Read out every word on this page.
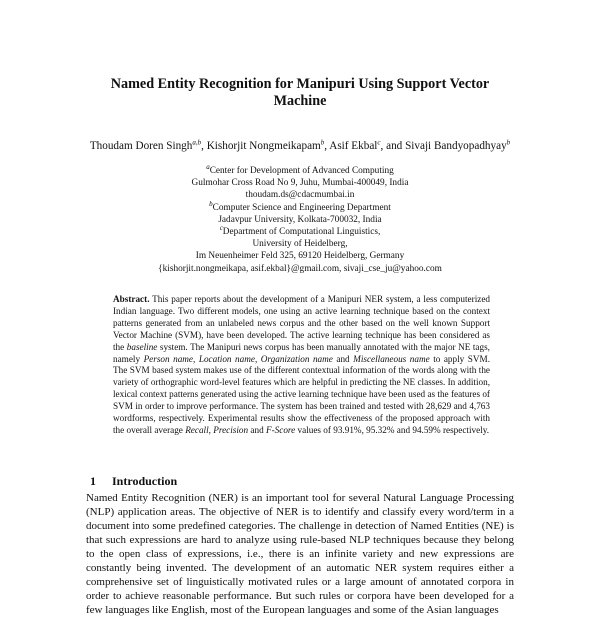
Named Entity Recognition for Manipuri Using Support Vector Machine
Thoudam Doren Singh$^{a,b}$, Kishorjit Nongmeikapam$^b$, Asif Ekbal$^c$, and Sivaji Bandyopadhyay$^b$
$^a$Center for Development of Advanced Computing
Gulmohar Cross Road No 9, Juhu, Mumbai-400049, India
thoudam.ds@cdacmumbai.in
$^b$Computer Science and Engineering Department
Jadavpur University, Kolkata-700032, India
$^c$Department of Computational Linguistics,
University of Heidelberg,
Im Neuenheimer Feld 325, 69120 Heidelberg, Germany
{kishorjit.nongmeikapa, asif.ekbal}@gmail.com, sivaji_cse_ju@yahoo.com
Abstract. This paper reports about the development of a Manipuri NER system, a less computerized Indian language. Two different models, one using an active learning technique based on the context patterns generated from an unlabeled news corpus and the other based on the well known Support Vector Machine (SVM), have been developed. The active learning technique has been considered as the baseline system. The Manipuri news corpus has been manually annotated with the major NE tags, namely Person name, Location name, Organization name and Miscellaneous name to apply SVM. The SVM based system makes use of the different contextual information of the words along with the variety of orthographic word-level features which are helpful in predicting the NE classes. In addition, lexical context patterns generated using the active learning technique have been used as the features of SVM in order to improve performance. The system has been trained and tested with 28,629 and 4,763 wordforms, respectively. Experimental results show the effectiveness of the proposed approach with the overall average Recall, Precision and F-Score values of 93.91%, 95.32% and 94.59% respectively.
1 Introduction
Named Entity Recognition (NER) is an important tool for several Natural Language Processing (NLP) application areas. The objective of NER is to identify and classify every word/term in a document into some predefined categories. The challenge in detection of Named Entities (NE) is that such expressions are hard to analyze using rule-based NLP techniques because they belong to the open class of expressions, i.e., there is an infinite variety and new expressions are constantly being invented. The development of an automatic NER system requires either a comprehensive set of linguistically motivated rules or a large amount of annotated corpora in order to achieve reasonable performance. But such rules or corpora have been developed for a few languages like English, most of the European languages and some of the Asian languages
